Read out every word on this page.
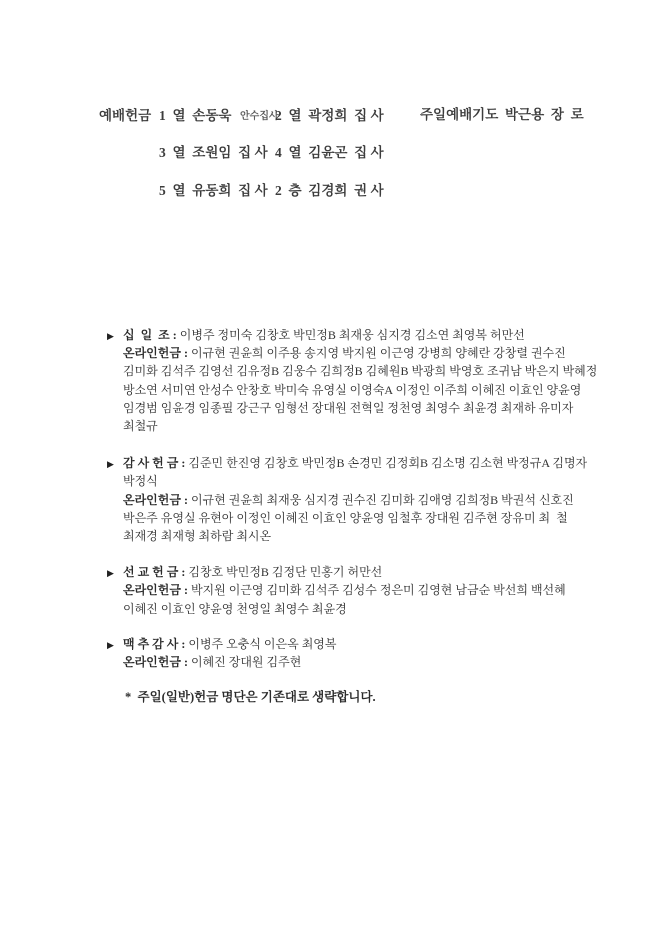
예배헌금 1  열  손동욱 안수집사
2  열  곽정희  집 사	주일예배기도  박근용  장  로
3  열  조원임  집 사 4  열  김윤곤  집 사
5  열  유동희  집 사 2  층  김경희  권 사
▶ 십  일  조 : 이병주 정미숙 김창호 박민정B 최재웅 심지경 김소연 최영복 허만선
온라인헌금 : 이규현 권윤희 이주용 송지영 박지원 이근영 강병희 양혜란 강창렬 권수진
김미화 김석주 김영선 김유정B 김웅수 김희정B 김혜원B 박광희 박영호 조귀남 박은지 박혜정
방소연 서미연 안성수 안창호 박미숙 유영실 이영숙A 이정인 이주희 이혜진 이효인 양윤영
임경범 임윤경 임종필 강근구 임형선 장대원 전혁일 정천영 최영수 최윤경 최재하 유미자
최철규
▶ 감 사 헌 금 : 김준민 한진영 김창호 박민정B 손경민 김정회B 김소명 김소현 박정규A 김명자
박정식
온라인헌금 : 이규현 권윤희 최재웅 심지경 권수진 김미화 김애영 김희정B 박권석 신호진
박은주 유영실 유현아 이정인 이혜진 이효인 양윤영 임철후 장대원 김주현 장유미 최  철
최재경 최재형 최하람 최시온
▶ 선 교 헌 금 : 김창호 박민정B 김정단 민홍기 허만선
온라인헌금 : 박지원 이근영 김미화 김석주 김성수 정은미 김영현 남금순 박선희 백선혜
이혜진 이효인 양윤영 천영일 최영수 최윤경
▶ 맥 추 감 사 : 이병주 오충식 이은옥 최영복
온라인헌금 : 이혜진 장대원 김주현
*  주일(일반)헌금 명단은 기존대로 생략합니다.
